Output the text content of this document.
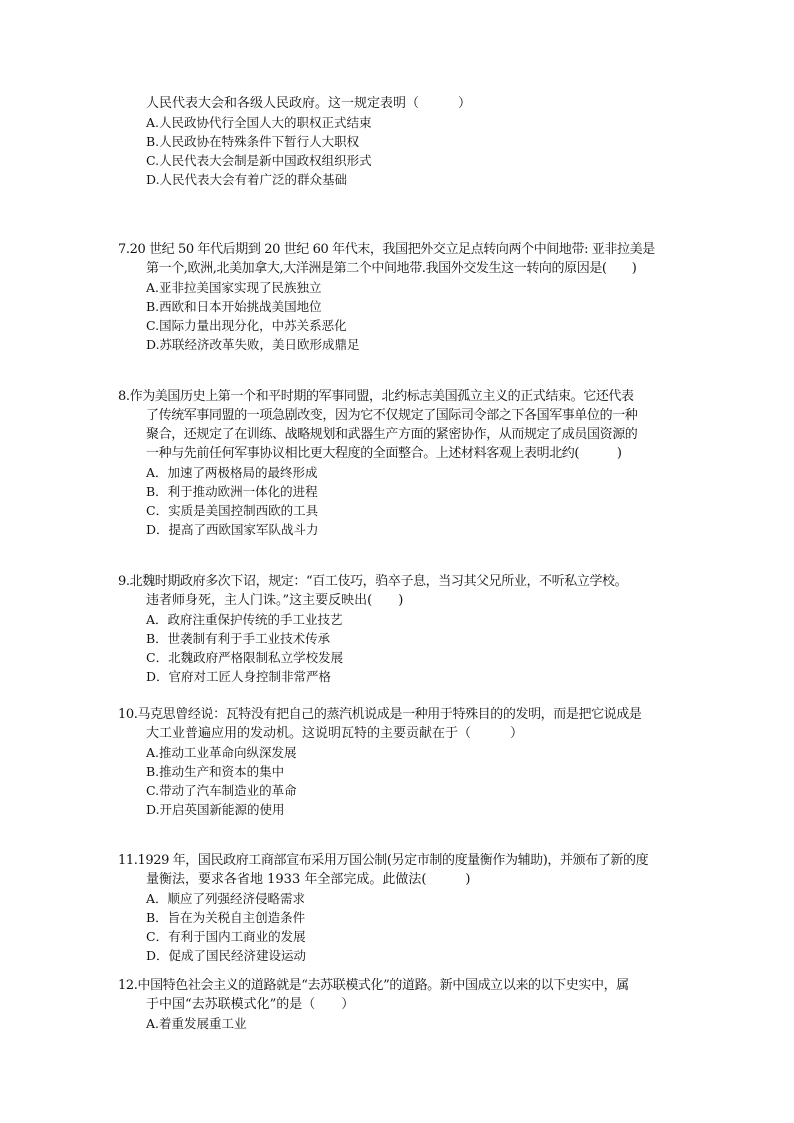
人民代表大会和各级人民政府。这一规定表明（　　　）
A.人民政协代行全国人大的职权正式结束
B.人民政协在特殊条件下暂行人大职权
C.人民代表大会制是新中国政权组织形式
D.人民代表大会有着广泛的群众基础
7.20 世纪 50 年代后期到 20 世纪 60 年代末，我国把外交立足点转向两个中间地带: 亚非拉美是
第一个,欧洲,北美加拿大,大洋洲是第二个中间地带.我国外交发生这一转向的原因是(　　)
A.亚非拉美国家实现了民族独立
B.西欧和日本开始挑战美国地位
C.国际力量出现分化，中苏关系恶化
D.苏联经济改革失败，美日欧形成鼎足
8.作为美国历史上第一个和平时期的军事同盟，北约标志美国孤立主义的正式结束。它还代表
了传统军事同盟的一项急剧改变，因为它不仅规定了国际司令部之下各国军事单位的一种
聚合，还规定了在训练、战略规划和武器生产方面的紧密协作，从而规定了成员国资源的
一种与先前任何军事协议相比更大程度的全面整合。上述材料客观上表明北约(　　　)
A．加速了两极格局的最终形成
B．利于推动欧洲一体化的进程
C．实质是美国控制西欧的工具
D．提高了西欧国家军队战斗力
9.北魏时期政府多次下诏，规定：“百工伎巧，驺卒子息，当习其父兄所业，不听私立学校。
违者师身死，主人门诛。”这主要反映出(　　)
A．政府注重保护传统的手工业技艺
B．世袭制有利于手工业技术传承
C．北魏政府严格限制私立学校发展
D．官府对工匠人身控制非常严格
10.马克思曾经说：瓦特没有把自己的蒸汽机说成是一种用于特殊目的的发明，而是把它说成是
大工业普遍应用的发动机。这说明瓦特的主要贡献在于（　　　）
A.推动工业革命向纵深发展
B.推动生产和资本的集中
C.带动了汽车制造业的革命
D.开启英国新能源的使用
11.1929 年，国民政府工商部宣布采用万国公制(另定市制的度量衡作为辅助)，并颁布了新的度
量衡法，要求各省地 1933 年全部完成。此做法(　　　)
A．顺应了列强经济侵略需求
B．旨在为关税自主创造条件
C．有利于国内工商业的发展
D．促成了国民经济建设运动
12.中国特色社会主义的道路就是“去苏联模式化”的道路。新中国成立以来的以下史实中，属
于中国“去苏联模式化”的是（　　）
A.着重发展重工业
